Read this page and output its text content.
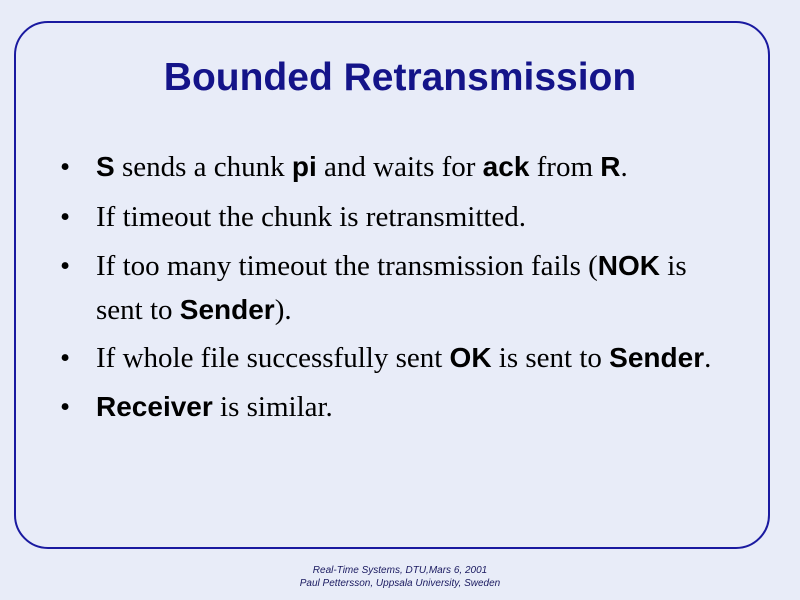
Bounded Retransmission
• S sends a chunk pi and waits for ack from R.
• If timeout the chunk is retransmitted.
• If too many timeout the transmission fails (NOK is sent to Sender).
• If whole file successfully sent OK is sent to Sender.
• Receiver is similar.
Real-Time Systems, DTU,Mars 6, 2001
Paul Pettersson, Uppsala University, Sweden
